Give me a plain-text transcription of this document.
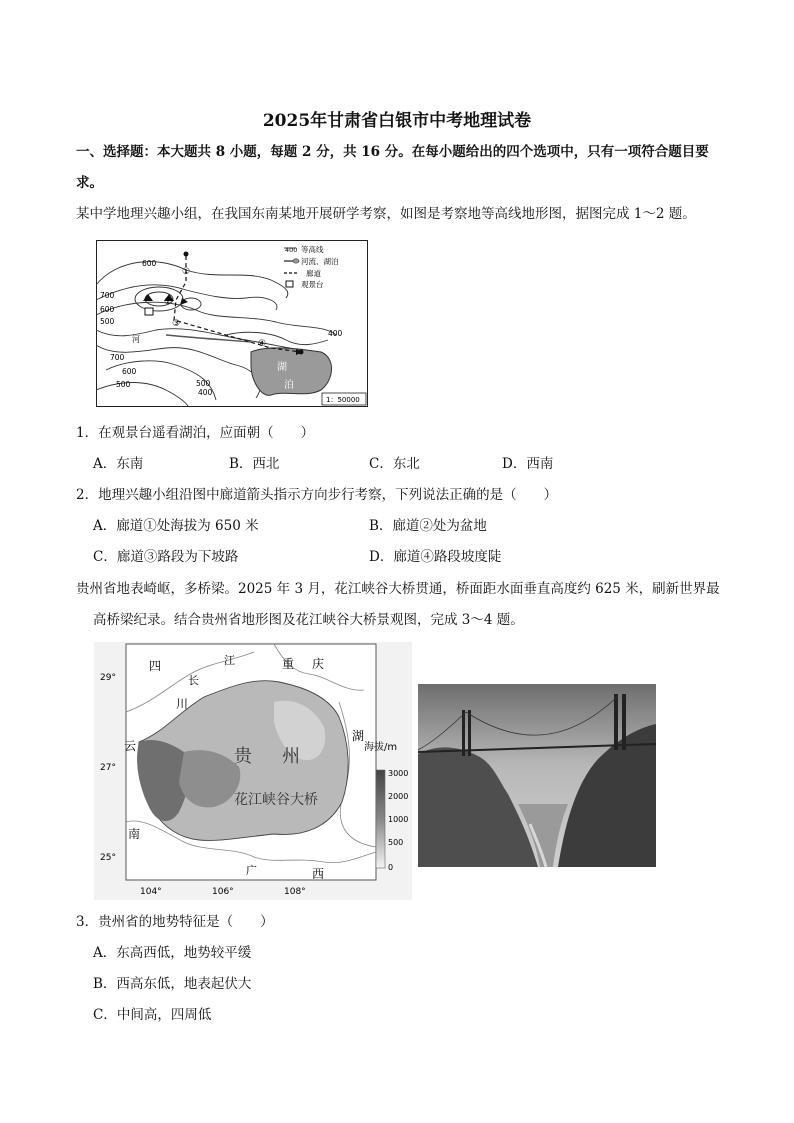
2025年甘肃省白银市中考地理试卷
一、选择题：本大题共 8 小题，每题 2 分，共 16 分。在每小题给出的四个选项中，只有一项符合题目要
求。
某中学地理兴趣小组，在我国东南某地开展研学考察，如图是考察地等高线地形图，据图完成 1～2 题。
①
②
③
④
600
700
600
500
700
600
500
400
500
400
河
湖
泊
400 等高线
河流、湖泊
廊道
观景台
1：50000
1．在观景台遥看湖泊，应面朝（　　）
A．东南	B．西北	C．东北	D．西南
2．地理兴趣小组沿图中廊道箭头指示方向步行考察，下列说法正确的是（　　）
A．廊道①处海拔为 650 米	B．廊道②处为盆地
C．廊道③路段为下坡路	D．廊道④路段坡度陡
贵州省地表崎岖，多桥梁。2025 年 3 月，花江峡谷大桥贯通，桥面距水面垂直高度约 625 米，刷新世界最
高桥梁纪录。结合贵州省地形图及花江峡谷大桥景观图，完成 3～4 题。
29°
27°
25°
104°	106°	108°
四
川
长
江	重 庆
湖
云
南
广	西
贵 州
花江峡谷大桥
海拔/m
3000
2000
1000
500
0
3．贵州省的地势特征是（　　）
A．东高西低，地势较平缓
B．西高东低，地表起伏大
C．中间高，四周低
